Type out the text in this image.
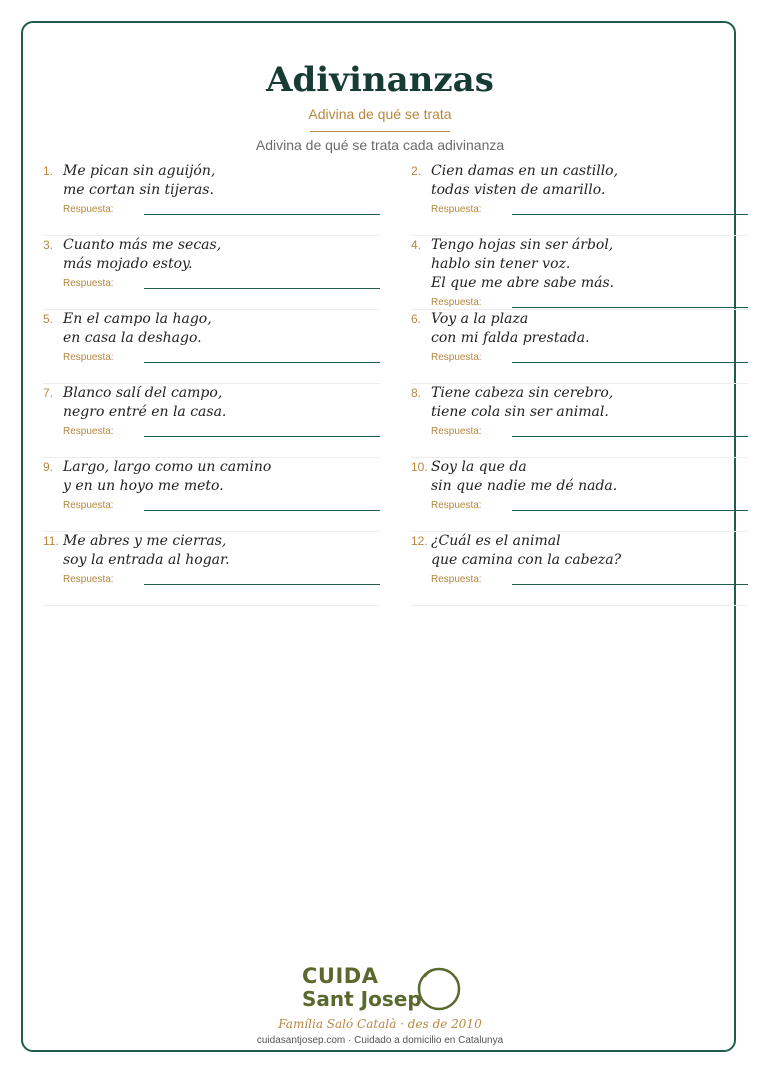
Adivinanzas
Adivina de qué se trata
Adivina de qué se trata cada adivinanza
1. Me pican sin aguijón,
me cortan sin tijeras.
Respuesta:
2. Cien damas en un castillo,
todas visten de amarillo.
Respuesta:
3. Cuanto más me secas,
más mojado estoy.
Respuesta:
4. Tengo hojas sin ser árbol,
hablo sin tener voz.
El que me abre sabe más.
Respuesta:
5. En el campo la hago,
en casa la deshago.
Respuesta:
6. Voy a la plaza
con mi falda prestada.
Respuesta:
7. Blanco salí del campo,
negro entré en la casa.
Respuesta:
8. Tiene cabeza sin cerebro,
tiene cola sin ser animal.
Respuesta:
9. Largo, largo como un camino
y en un hoyo me meto.
Respuesta:
10. Soy la que da
sin que nadie me dé nada.
Respuesta:
11. Me abres y me cierras,
soy la entrada al hogar.
Respuesta:
12. ¿Cuál es el animal
que camina con la cabeza?
Respuesta:
CUIDA
Sant Josep
Família Saló Català · des de 2010
cuidasantjosep.com · Cuidado a domicilio en Catalunya
